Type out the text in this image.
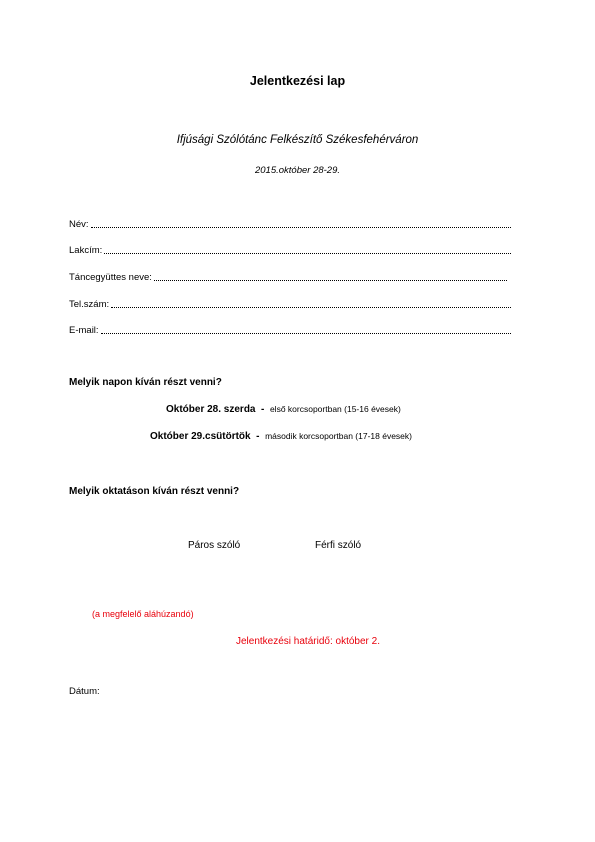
Jelentkezési lap
Ifjúsági Szólótánc Felkészítő Székesfehérváron
2015.október 28-29.
Név:
Lakcím:
Táncegyüttes neve:
Tel.szám:
E-mail:
Melyik napon kíván részt venni?
Október 28. szerda - első korcsoportban (15-16 évesek)
Október 29.csütörtök - második korcsoportban (17-18 évesek)
Melyik oktatáson kíván részt venni?
Páros szóló	Férfi szóló
(a megfelelő aláhúzandó)
Jelentkezési határidő: október 2.
Dátum:
